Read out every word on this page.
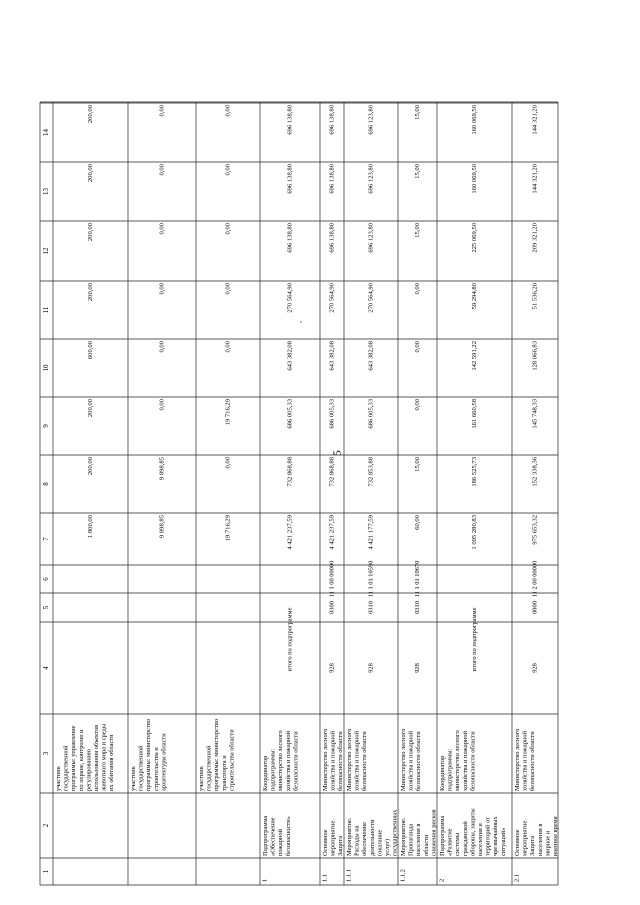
5
·
1
2
3
4
5
6
7
8
9
10
11
12
13
14
участник государственной программы: управление по охране, контролю и регулированию использования объектов животного мира и среды их обитания области
1 800,00
200,00
200,00
600,00
200,00
200,00
200,00
200,00
участник государственной программы: министерство строительства и архитектуры области
9 898,85
9 898,85
0,00
0,00
0,00
0,00
0,00
0,00
участник государственной программы: министерство транспорта и строительства области
19 716,29
0,00
19 716,29
0,00
0,00
0,00
0,00
0,00
1
Подпрограмма «Обеспечение пожарной безопасности»
Координатор подпрограммы: министерство лесного хозяйства и пожарной безопасности области
итого по подпрограмме
4 421 237,59
732 868,88
686 005,33
643 382,08
270 564,90
696 138,80
696 138,80
696 138,80
1.1
Основное мероприятие. Защита
Министерство лесного хозяйства и пожарной безопасности области
928
0300
11 1 00 00000
4 421 237,59
732 868,88
686 005,33
643 382,08
270 564,90
696 138,80
696 138,80
696 138,80
1.1.1
Мероприятие. Расходы на обеспечение деятельности (оказание услуг) государственных
Министерство лесного хозяйства и пожарной безопасности области
928
0310
11 1 01 10590
4 421 177,59
732 853,88
686 005,33
643 382,08
270 564,90
696 123,80
696 123,80
696 123,80
1.1.2
Мероприятие. Пропаганда населения в области снижения рисков
Министерство лесного хозяйства и пожарной безопасности области
928
0310
11 1 01 10670
60,00
15,00
0,00
0,00
0,00
15,00
15,00
15,00
2
Подпрограмма «Развитие системы гражданской обороны, защиты населения и территорий от чрезвычайных ситуаций»
Координатор подпрограммы: министерство лесного хозяйства и пожарной безопасности области
итого по подпрограмме
1 095 280,83
186 525,73
161 660,58
142 591,22
59 294,80
225 069,50
160 069,50
160 069,50
2.1
Основное мероприятие. Защита населения в мирное и военное время
Министерство лесного хозяйства и пожарной безопасности области
928
0000
11 2 00 00000
975 653,32
152 338,36
145 748,33
128 066,83
51 536,20
209 321,20
144 321,20
144 321,20
